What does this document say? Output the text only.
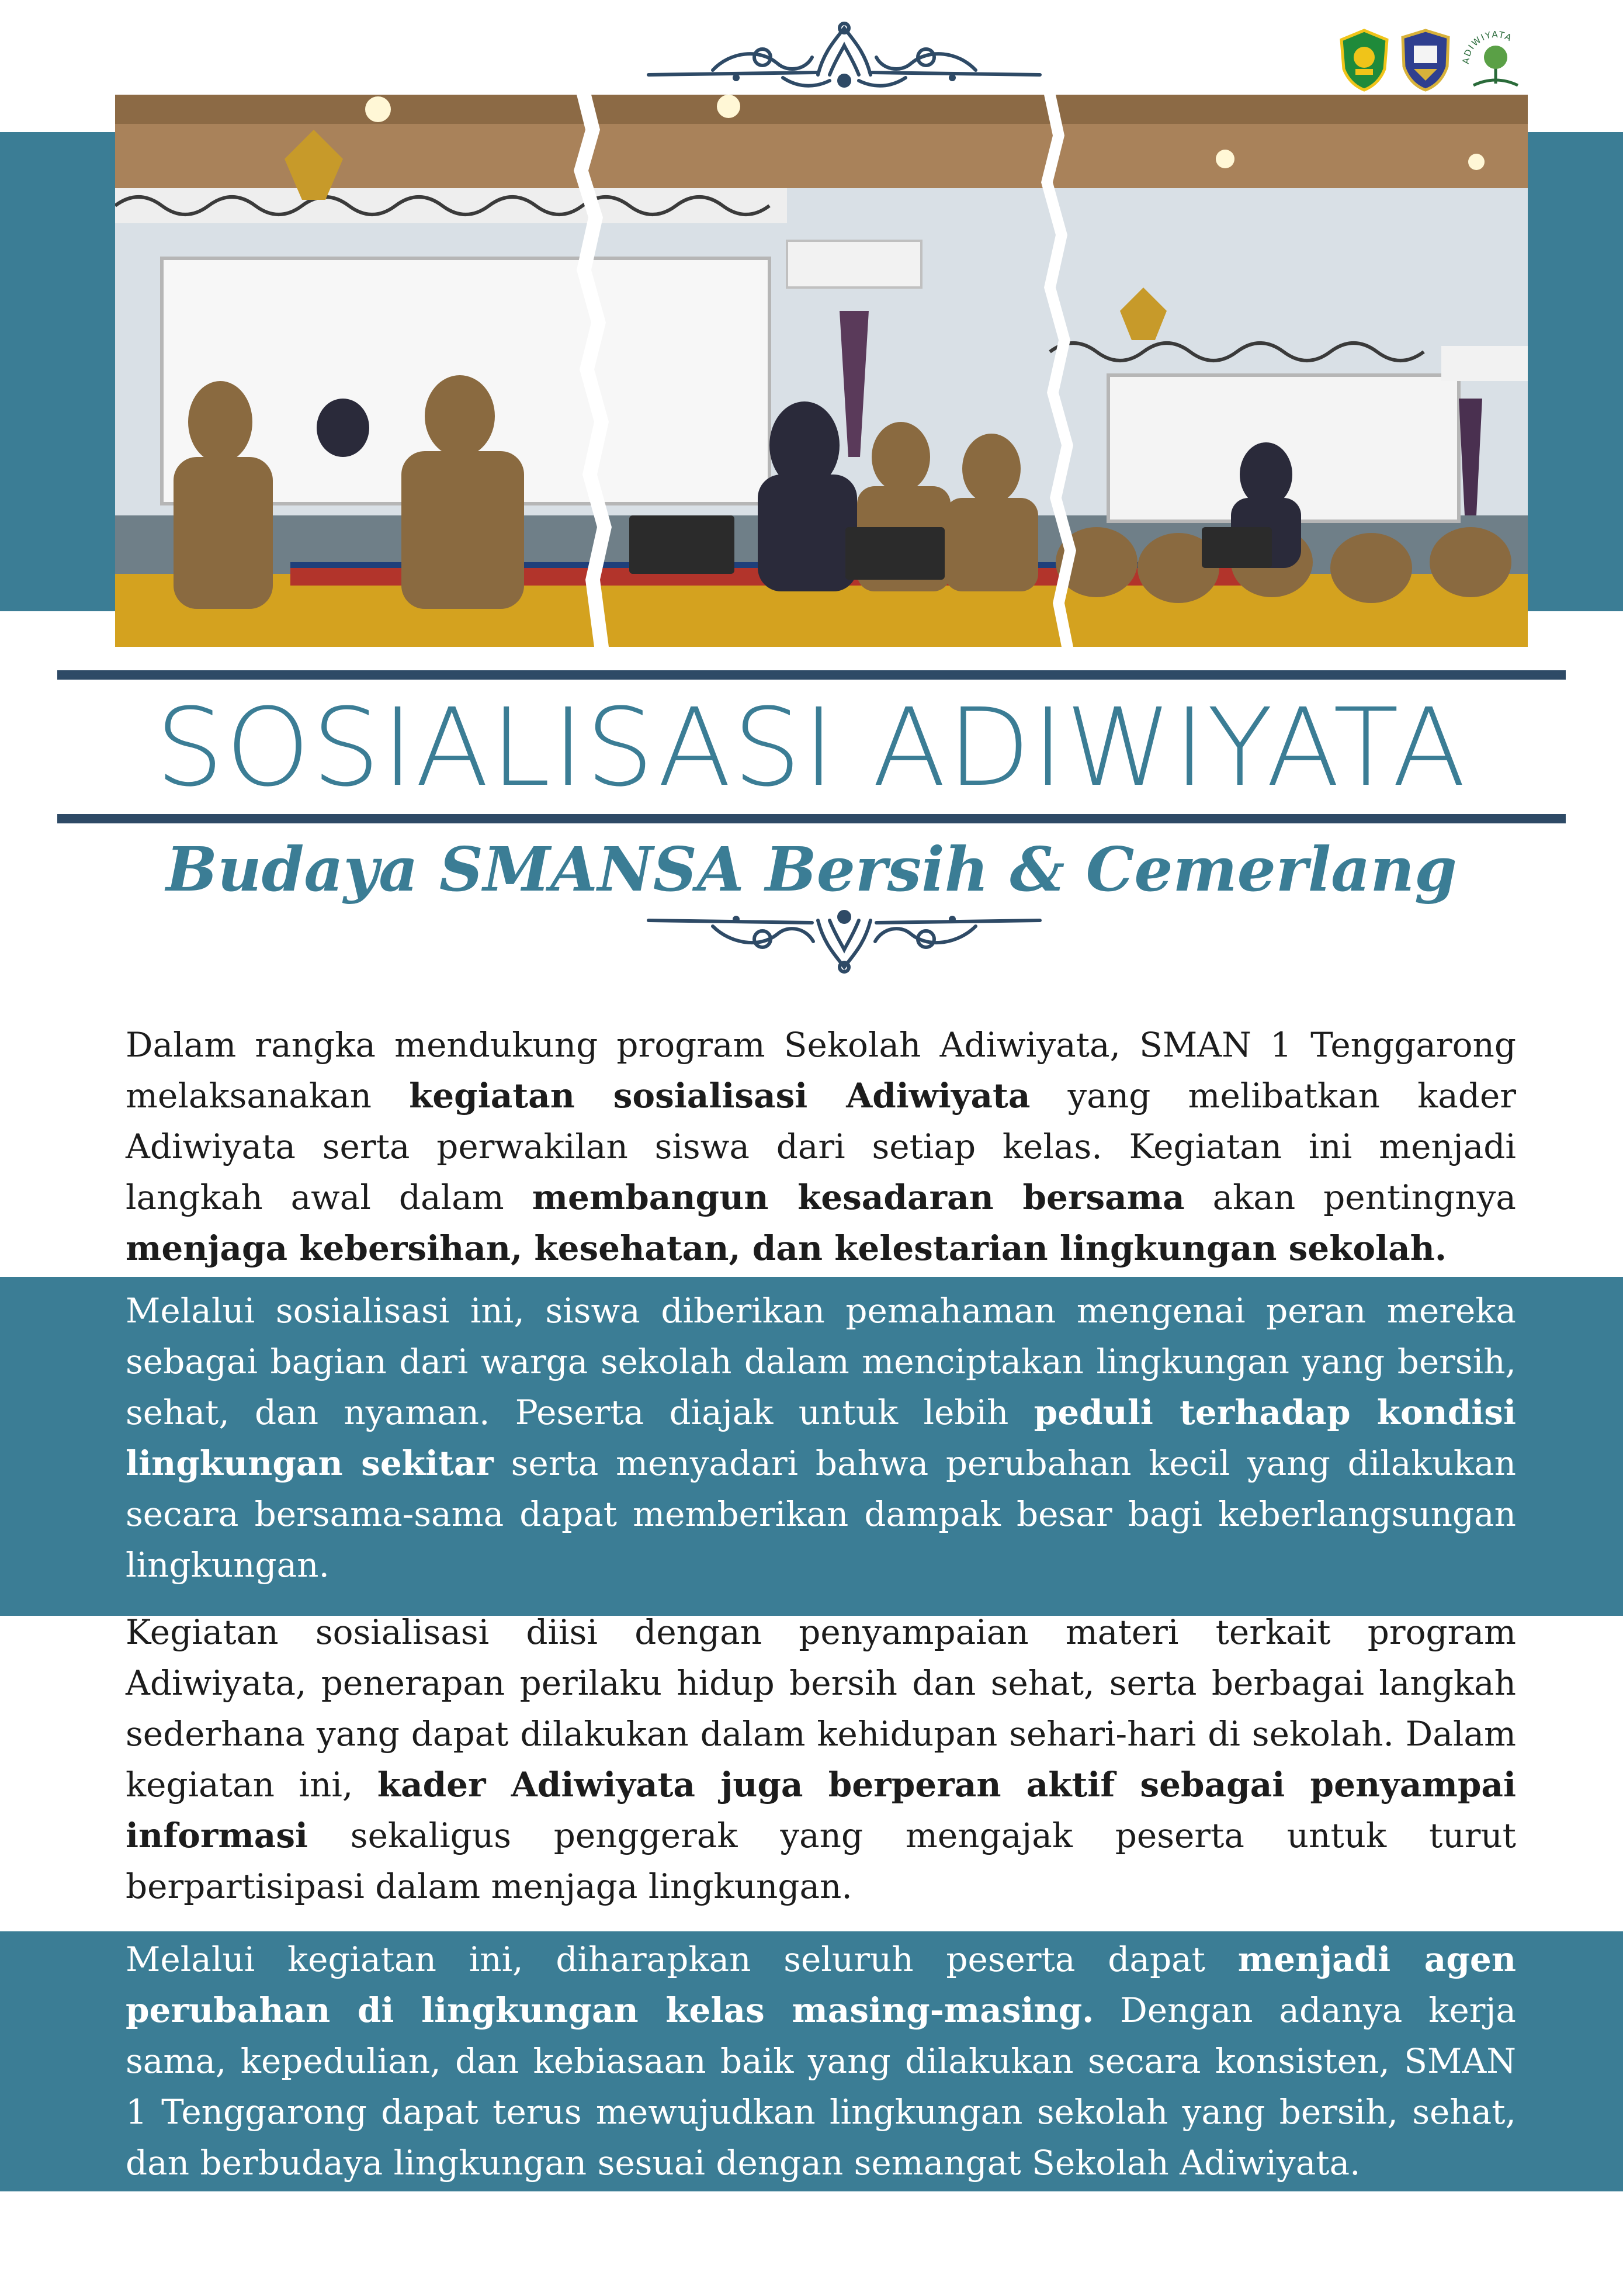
ADIWIYATA
SOSIALISASI ADIWIYATA
Budaya SMANSA Bersih & Cemerlang

Dalam rangka mendukung program Sekolah Adiwiyata, SMAN 1 Tenggarong melaksanakan kegiatan sosialisasi Adiwiyata yang melibatkan kader Adiwiyata serta perwakilan siswa dari setiap kelas. Kegiatan ini menjadi langkah awal dalam membangun kesadaran bersama akan pentingnya menjaga kebersihan, kesehatan, dan kelestarian lingkungan sekolah.

Melalui sosialisasi ini, siswa diberikan pemahaman mengenai peran mereka sebagai bagian dari warga sekolah dalam menciptakan lingkungan yang bersih, sehat, dan nyaman. Peserta diajak untuk lebih peduli terhadap kondisi lingkungan sekitar serta menyadari bahwa perubahan kecil yang dilakukan secara bersama-sama dapat memberikan dampak besar bagi keberlangsungan lingkungan.

Kegiatan sosialisasi diisi dengan penyampaian materi terkait program Adiwiyata, penerapan perilaku hidup bersih dan sehat, serta berbagai langkah sederhana yang dapat dilakukan dalam kehidupan sehari-hari di sekolah. Dalam kegiatan ini, kader Adiwiyata juga berperan aktif sebagai penyampai informasi sekaligus penggerak yang mengajak peserta untuk turut berpartisipasi dalam menjaga lingkungan.

Melalui kegiatan ini, diharapkan seluruh peserta dapat menjadi agen perubahan di lingkungan kelas masing-masing. Dengan adanya kerja sama, kepedulian, dan kebiasaan baik yang dilakukan secara konsisten, SMAN 1 Tenggarong dapat terus mewujudkan lingkungan sekolah yang bersih, sehat, dan berbudaya lingkungan sesuai dengan semangat Sekolah Adiwiyata.
